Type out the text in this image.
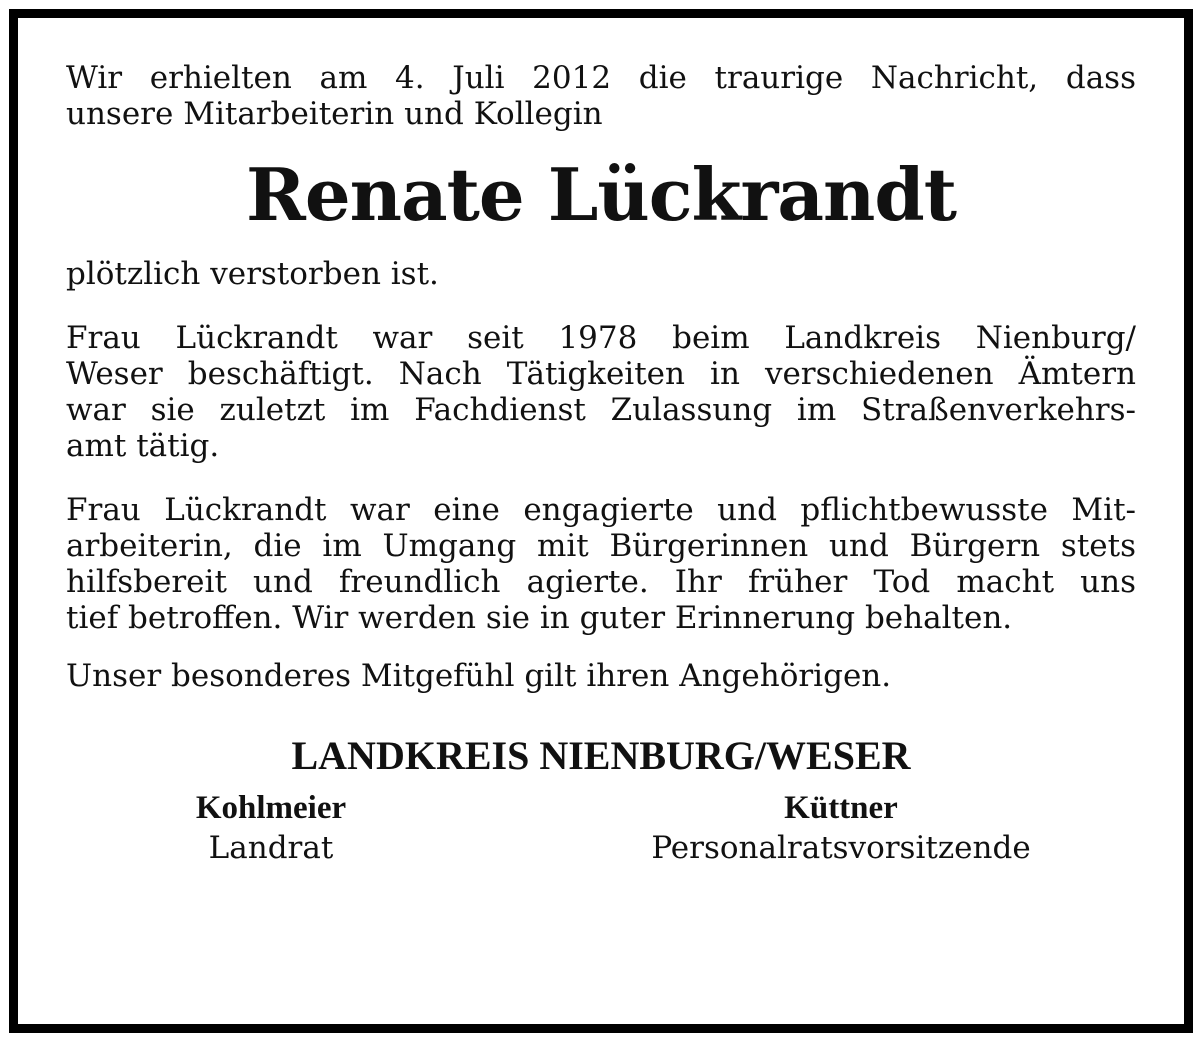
Wir erhielten am 4. Juli 2012 die traurige Nachricht, dass
unsere Mitarbeiterin und Kollegin

Renate Lückrandt

plötzlich verstorben ist.

Frau Lückrandt war seit 1978 beim Landkreis Nienburg/
Weser beschäftigt. Nach Tätigkeiten in verschiedenen Ämtern
war sie zuletzt im Fachdienst Zulassung im Straßenverkehrs-
amt tätig.

Frau Lückrandt war eine engagierte und pflichtbewusste Mit-
arbeiterin, die im Umgang mit Bürgerinnen und Bürgern stets
hilfsbereit und freundlich agierte. Ihr früher Tod macht uns
tief betroffen. Wir werden sie in guter Erinnerung behalten.

Unser besonderes Mitgefühl gilt ihren Angehörigen.

LANDKREIS NIENBURG/WESER
Kohlmeier
Landrat
Küttner
Personalratsvorsitzende
